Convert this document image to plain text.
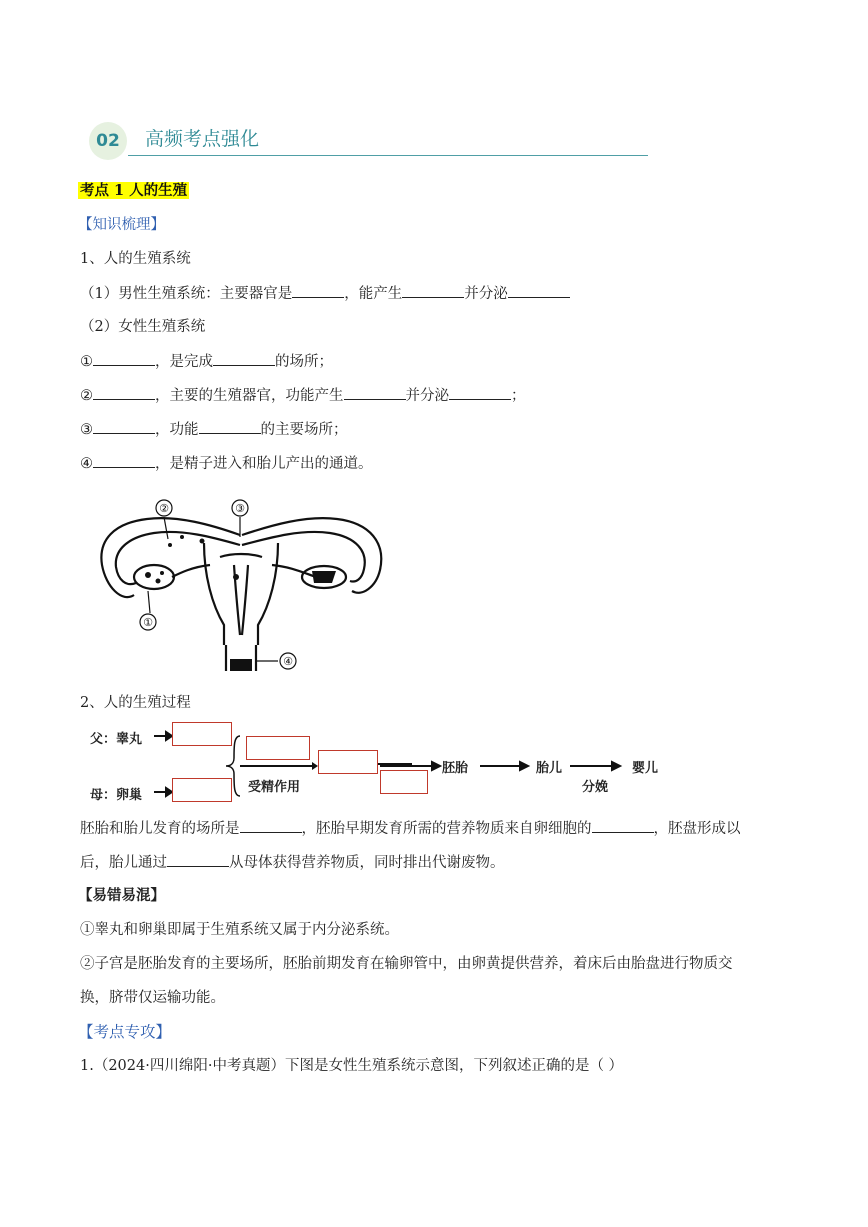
02	高频考点强化
考点 1 人的生殖
【知识梳理】
1、人的生殖系统
（1）男性生殖系统：主要器官是	，能产生	并分泌
（2）女性生殖系统
①	，是完成	的场所；
②	，主要的生殖器官，功能产生	并分泌	；
③	，功能	的主要场所；
④	，是精子进入和胎儿产出的通道。
②	③
①
④
2、人的生殖过程
父：睾丸
母：卵巢
受精作用
胚胎	胎儿	婴儿
分娩
胚胎和胎儿发育的场所是	，胚胎早期发育所需的营养物质来自卵细胞的	，胚盘形成以
后，胎儿通过	从母体获得营养物质，同时排出代谢废物。
【易错易混】
①睾丸和卵巢即属于生殖系统又属于内分泌系统。
②子宫是胚胎发育的主要场所，胚胎前期发育在输卵管中，由卵黄提供营养，着床后由胎盘进行物质交
换，脐带仅运输功能。
【考点专攻】
1.（2024·四川绵阳·中考真题）下图是女性生殖系统示意图，下列叙述正确的是（ ）
